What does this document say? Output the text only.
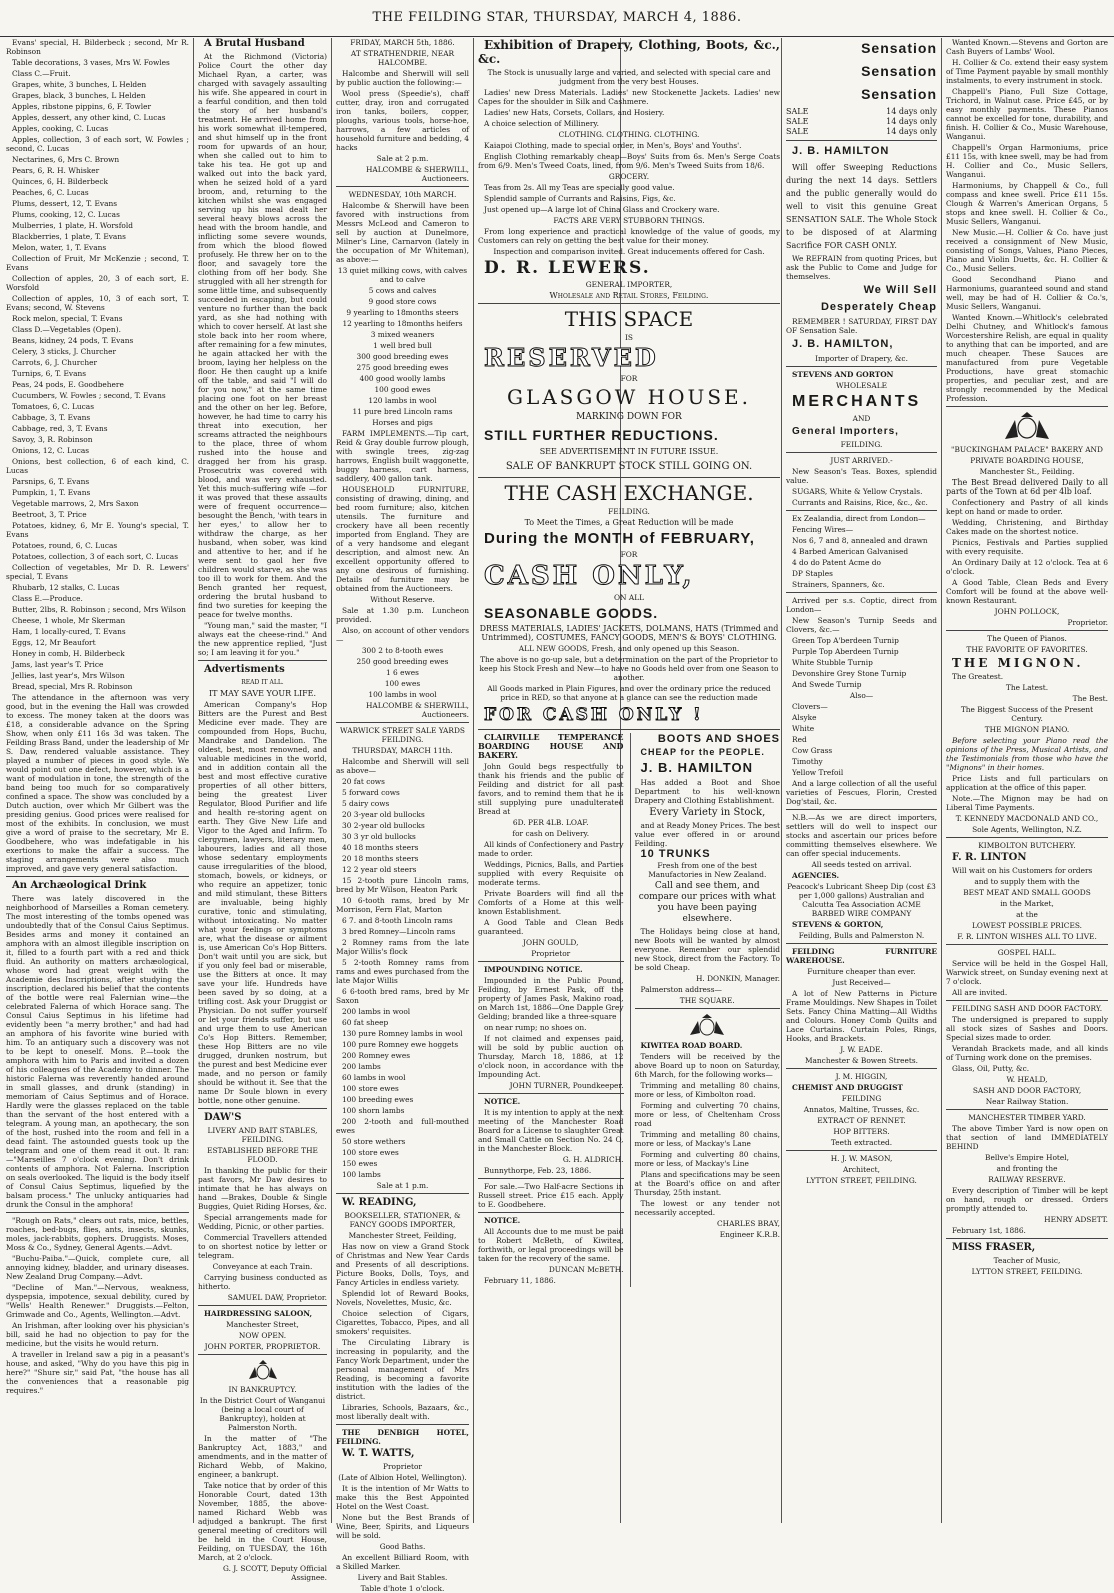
THE FEILDING STAR, THURSDAY, MARCH 4, 1886.

Evans' special, H. Bilderbeck ; second, Mr R. Robinson

Table decorations, 3 vases, Mrs W. Fowles

Class C.—Fruit.

Grapes, white, 3 bunches, L Helden

Grapes, black, 3 bunches, L Helden

Apples, ribstone pippins, 6, F. Towler

Apples, dessert, any other kind, C. Lucas

Apples, cooking, C. Lucas

Apples, collection, 3 of each sort, W. Fowles ; second, C. Lucas

Nectarines, 6, Mrs C. Brown

Pears, 6, R. H. Whisker

Quinces, 6, H. Bilderbeck

Peaches, 6, C. Lucas

Plums, dessert, 12, T. Evans

Plums, cooking, 12, C. Lucas

Mulberries, 1 plate, H. Worsfold

Blackberries, 1 plate, T. Evans

Melon, water, 1, T. Evans

Collection of Fruit, Mr McKenzie ; second, T. Evans

Collection of apples, 20, 3 of each sort, E. Worsfold

Collection of apples, 10, 3 of each sort, T. Evans; second, W. Stevens

Rock melon, special, T. Evans

Class D.—Vegetables (Open).

Beans, kidney, 24 pods, T. Evans

Celery, 3 sticks, J. Churcher

Carrots, 6, J. Churcher

Turnips, 6, T. Evans

Peas, 24 pods, E. Goodbehere

Cucumbers, W. Fowles ; second, T. Evans

Tomatoes, 6, C. Lucas

Cabbage, 3, T. Evans

Cabbage, red, 3, T. Evans

Savoy, 3, R. Robinson

Onions, 12, C. Lucas

Onions, best collection, 6 of each kind, C. Lucas

Parsnips, 6, T. Evans

Pumpkin, 1, T. Evans

Vegetable marrows, 2, Mrs Saxon

Beetroot, 3, T. Price

Potatoes, kidney, 6, Mr E. Young's special, T. Evans

Potatoes, round, 6, C. Lucas

Potatoes, collection, 3 of each sort, C. Lucas

Collection of vegetables, Mr D. R. Lewers' special, T. Evans

Rhubarb, 12 stalks, C. Lucas

Class E.—Produce.

Butter, 2lbs, R. Robinson ; second, Mrs Wilson

Cheese, 1 whole, Mr Skerman

Ham, 1 locally-cured, T. Evans

Eggs, 12, Mr Beaufort

Honey in comb, H. Bilderbeck

Jams, last year's T. Price

Jellies, last year's, Mrs Wilson

Bread, special, Mrs R. Robinson

The attendance in the afternoon was very good, but in the evening the Hall was crowded to excess. The money taken at the doors was £18, a considerable advance on the Spring Show, when only £11 16s 3d was taken. The Feilding Brass Band, under the leadership of Mr S. Daw, rendered valuable assistance. They played a number of pieces in good style. We would point out one defect, however, which is a want of modulation in tone, the strength of the band being too much for so comparatively confined a space. The show was concluded by a Dutch auction, over which Mr Gilbert was the presiding genius. Good prices were realised for most of the exhibits. In conclusion, we must give a word of praise to the secretary, Mr E. Goodbehere, who was indefatigable in his exertions to make the affair a success. The staging arrangements were also much improved, and gave very general satisfaction.

An Archæological Drink

There was lately discovered in the neighborhood of Marseilles a Roman cemetery. The most interesting of the tombs opened was undoubtedly that of the Consul Caius Septimus. Besides arms and money it contained an amphora with an almost illegible inscription on it, filled to a fourth part with a red and thick fluid. An authority on matters archæological, whose word had great weight with the Academie des Inscriptions, after studying the inscription, declared his belief that the contents of the bottle were real Falernian wine—the celebrated Falerna of which Horace sang. The Consul Caius Septimus in his lifetime had evidently been "a merry brother," and had had an amphora of his favorite wine buried with him. To an antiquary such a discovery was not to be kept to oneself. Mons. P.—took the amphora with him to Paris and invited a dozen of his colleagues of the Academy to dinner. The historic Falerna was reverently handed around in small glasses, and drunk (standing) in memoriam of Caius Septimus and of Horace. Hardly were the glasses replaced on the table than the servant of the host entered with a telegram. A young man, an apothecary, the son of the host, rushed into the room and fell in a dead faint. The astounded guests took up the telegram and one of them read it out. It ran:—"Marseilles 7 o'clock evening. Don't drink contents of amphora. Not Falerna. Inscription on seals overlooked. The liquid is the body itself of Consul Caius Septimus, liquefied by the balsam process." The unlucky antiquaries had drunk the Consul in the amphora!

"Rough on Rats," clears out rats, mice, bettles, roaches, bed-bugs, flies, ants, insects, skunks, moles, jack-rabbits, gophers. Druggists. Moses, Moss & Co., Sydney, General Agents.—Advt.

"Buchu-Paiba."—Quick, complete cure, all annoying kidney, bladder, and urinary diseases. New Zealand Drug Company.—Advt.

"Decline of Man."—Nervous, weakness, dyspepsia, impotence, sexual debility, cured by "Wells' Health Renewer." Druggists.—Felton, Grimwade and Co., Agents, Wellington.—Advt.

An Irishman, after looking over his physician's bill, said he had no objection to pay for the medicine, but the visits he would return.

A traveller in Ireland saw a pig in a peasant's house, and asked, "Why do you have this pig in here?" "Shure sir," said Pat, "the house has all the conveniences that a reasonable pig requires."

A Brutal Husband

At the Richmond (Victoria) Police Court the other day Michael Ryan, a carter, was charged with savagely assaulting his wife. She appeared in court in a fearful condition, and then told the story of her husband's treatment. He arrived home from his work somewhat ill-tempered, and shut himself up in the front room for upwards of an hour, when she called out to him to take his tea. He got up and walked out into the back yard, when he seized hold of a yard broom, and, returning to the kitchen whilst she was engaged serving up his meal dealt her several heavy blows across the head with the broom handle, and inflicting some severe wounds, from which the blood flowed profusely. He threw her on to the floor, and savagely tore the clothing from off her body. She struggled with all her strength for some little time, and subsequently succeeded in escaping, but could venture no further than the back yard, as she had nothing with which to cover herself. At last she stole back into her room where, after remaining for a few minutes, he again attacked her with the broom, laying her helpless on the floor. He then caught up a knife off the table, and said "I will do for you now," at the same time placing one foot on her breast and the other on her leg. Before, however, he had time to carry his threat into execution, her screams attracted the neighbours to the place, three of whom rushed into the house and dragged her from his grasp. Prosecutrix was covered with blood, and was very exhausted. Yet this much-suffering wife —for it was proved that these assaults were of frequent occurrence—besought the Bench, 'with tears in her eyes,' to allow her to withdraw the charge, as her husband, when sober, was kind and attentive to her, and if he were sent to gaol her five children would starve, as she was too ill to work for them. And the Bench granted her request, ordering the brutal husband to find two sureties for keeping the peace for twelve months.

"Young man," said the master, "I always eat the cheese-rind." And the new apprentice replied, "Just so; I am leaving it for you."

Advertisments

READ IT ALL.

IT MAY SAVE YOUR LIFE.

American Company's Hop Bitters are the Purest and Best Medicine ever made. They are compounded from Hops, Buchu, Mandrake and Dandelion. The oldest, best, most renowned, and valuable medicines in the world, and in addition contain all the best and most effective curative properties of all other bitters, being the greatest Liver Regulator, Blood Purifier and life and health re-storing agent on earth. They Give New Life and Vigor to the Aged and Infirm. To clergymen, lawyers, literary men, labourers, ladies and all those whose sedentary employments cause irregularities of the blood, stomach, bowels, or kidneys, or who require an appetizer, tonic and mild stimulant, these Bitters are invaluable, being highly curative, tonic and stimulating, without intoxicating. No matter what your feelings or symptoms are, what the disease or ailment is, use American Co's Hop Bitters. Don't wait until you are sick, but if you only feel bad or miserable, use the Bitters at once. It may save your life. Hundreds have been saved by so doing, at a trifling cost. Ask your Druggist or Physician. Do not suffer yourself or let your friends suffer, but use and urge them to use American Co's Hop Bitters. Remember, these Hop Bitters are no vile drugged, drunken nostrum, but the purest and best Medicine ever made, and no person or family should be without it. See that the name Dr Soule blown in every bottle, none other genuine.

DAW'S

LIVERY AND BAIT STABLES, FEILDING.

ESTABLISHED BEFORE THE FLOOD.

In thanking the public for their past favors, Mr Daw desires to intimate that he has always on hand —Brakes, Double & Single Buggies, Quiet Riding Horses, &c.

Special arrangements made for Wedding, Picnic, or other parties.

Commercial Travellers attended to on shortest notice by letter or telegram.

Conveyance at each Train.

Carrying business conducted as hitherto.

SAMUEL DAW, Proprietor.

HAIRDRESSING SALOON,

Manchester Street,

NOW OPEN.

JOHN PORTER, PROPRIETOR.

IN BANKRUPTCY.

In the District Court of Wanganui (being a local court of Bankruptcy), holden at Palmerston North.

In the matter of "The Bankruptcy Act, 1883," and amendments, and in the matter of Richard Webb, of Makino, engineer, a bankrupt.

Take notice that by order of this Honorable Court, dated 13th November, 1885, the above-named Richard Webb was adjudged a bankrupt. The first general meeting of creditors will be held in the Court House, Feilding, on TUESDAY, the 16th March, at 2 o'clock.

G. J. SCOTT, Deputy Official Assignee.

FRIDAY, MARCH 5th, 1886.

AT STRATHENDRIE, NEAR HALCOMBE.

Halcombe and Sherwill will sell by public auction the following:—

Wool press (Speedie's), chaff cutter, dray, iron and corrugated iron tanks, boilers, copper, ploughs, various tools, horse-hoe, harrows, a few articles of household furniture and bedding, 4 hacks

Sale at 2 p.m.

HALCOMBE & SHERWILL, Auctioneers.

WEDNESDAY, 10th MARCH.

Halcombe & Sherwill have been favored with instructions from Messrs McLeod and Cameron to sell by auction at Dunelmore, Milner's Line, Carnarvon (lately in the occupation of Mr Whiteman), as above:—

13 quiet milking cows, with calves and to calve

5 cows and calves

9 good store cows

9 yearling to 18months steers

12 yearling to 18months heifers

3 mixed weaners

1 well bred bull

300 good breeding ewes

275 good breeding ewes

400 good woolly lambs

100 good ewes

120 lambs in wool

11 pure bred Lincoln rams

Horses and pigs

FARM IMPLEMENTS.—Tip cart, Reid & Gray double furrow plough, with swingle trees, zig-zag harrows, English built waggonette, buggy harness, cart harness, saddlery, 400 gallon tank.

HOUSEHOLD FURNITURE, consisting of drawing, dining, and bed room furniture; also, kitchen utensils. The furniture and crockery have all been recently imported from England. They are of a very handsome and elegant description, and almost new. An excellent opportunity offered to any one desirous of furnishing. Details of furniture may be obtained from the Auctioneers.

Without Reserve.

Sale at 1.30 p.m. Luncheon provided.

Also, on account of other vendors—

300 2 to 8-tooth ewes

250 good breeding ewes

1 6 ewes

100 ewes

100 lambs in wool

HALCOMBE & SHERWILL, Auctioneers.

WARWICK STREET SALE YARDS FEILDING.

THURSDAY, MARCH 11th.

Halcombe and Sherwill will sell as above—

20 fat cows

5 forward cows

5 dairy cows

20 3-year old bullocks

30 2-year old bullocks

30 3 yr old bullocks

40 18 months steers

20 18 months steers

12 2 year old steers

15 2-tooth pure Lincoln rams, bred by Mr Wilson, Heaton Park

10 6-tooth rams, bred by Mr Morrison, Fern Flat, Marton

6 7. and 8-tooth Lincoln rams

3 bred Romney—Lincoln rams

2 Romney rams from the late Major Willis's flock

5 2-tooth Romney rams from rams and ewes purchased from the late Major Willis

6 6-tooth bred rams, bred by Mr Saxon

200 lambs in wool

60 fat sheep

130 pure Romney lambs in wool

100 pure Romney ewe hoggets

200 Romney ewes

200 lambs

60 lambs in wool

100 store ewes

100 breeding ewes

100 shorn lambs

200 2-tooth and full-mouthed ewes

50 store wethers

100 store ewes

150 ewes

100 lambs

Sale at 1 p.m.

W. READING,

BOOKSELLER, STATIONER, & FANCY GOODS IMPORTER,

Manchester Street, Feilding,

Has now on view a Grand Stock of Christmas and New Year Cards and Presents of all descriptions. Picture Books, Dolls, Toys, and Fancy Articles in endless variety.

Splendid lot of Reward Books, Novels, Novelettes, Music, &c.

Choice selection of Cigars, Cigarettes, Tobacco, Pipes, and all smokers' requisites.

The Circulating Library is increasing in popularity, and the Fancy Work Department, under the personal management of Mrs Reading, is becoming a favorite institution with the ladies of the district.

Libraries, Schools, Bazaars, &c., most liberally dealt with.

THE DENBIGH HOTEL, FEILDING.

W. T. WATTS,

Proprietor

(Late of Albion Hotel, Wellington).

It is the intention of Mr Watts to make this the Best Appointed Hotel on the West Coast.

None but the Best Brands of Wine, Beer, Spirits, and Liqueurs will be sold.

Good Baths.

An excellent Billiard Room, with a Skilled Marker.

Livery and Bait Stables.

Table d'hote 1 o'clock.

Exhibition of Drapery, Clothing, Boots, &c., &c.

The Stock is unusually large and varied, and selected with special care and judgment from the very best Houses.

Ladies' new Dress Materials. Ladies' new Stockenette Jackets. Ladies' new Capes for the shoulder in Silk and Cashmere.

Ladies' new Hats, Corsets, Collars, and Hosiery.

A choice selection of Millinery.

CLOTHING. CLOTHING. CLOTHING.

Kaiapoi Clothing, made to special order, in Men's, Boys' and Youths'.

English Clothing remarkably cheap—Boys' Suits from 6s. Men's Serge Coats from 6/9. Men's Tweed Coats, lined, from 9/6. Men's Tweed Suits from 18/6.

GROCERY.

Teas from 2s. All my Teas are specially good value.

Splendid sample of Currants and Raisins, Figs, &c.

Just opened up—A large lot of China Glass and Crockery ware.

FACTS ARE VERY STUBBORN THINGS.

From long experience and practical knowledge of the value of goods, my Customers can rely on getting the best value for their money.

Inspection and comparison invited. Great inducements offered for Cash.

D. R. LEWERS.

GENERAL IMPORTER,

Wholesale and Retail Stores, Feilding.

THIS SPACE

IS

RESERVED

FOR

GLASGOW HOUSE.

MARKING DOWN FOR

STILL FURTHER REDUCTIONS.

SEE ADVERTISEMENT IN FUTURE ISSUE.

SALE OF BANKRUPT STOCK STILL GOING ON.

THE CASH EXCHANGE.

FEILDING.

To Meet the Times, a Great Reduction will be made

During the MONTH of FEBRUARY,

FOR

CASH ONLY,

ON ALL

SEASONABLE GOODS.

DRESS MATERIALS, LADIES' JACKETS, DOLMANS, HATS (Trimmed and Untrimmed), COSTUMES, FANCY GOODS, MEN'S & BOYS' CLOTHING.

ALL NEW GOODS, Fresh, and only opened up this Season.

The above is no go-up sale, but a determination on the part of the Proprietor to keep his Stock Fresh and New—to have no Goods held over from one Season to another.

All Goods marked in Plain Figures, and over the ordinary price the reduced price in RED, so that anyone at a glance can see the reduction made

FOR CASH ONLY !

CLAIRVILLE TEMPERANCE BOARDING HOUSE AND BAKERY.

John Gould begs respectfully to thank his friends and the public of Feilding and district for all past favors, and to remind them that he is still supplying pure unadulterated Bread at

6D. PER 4LB. LOAF.

for cash on Delivery.

All kinds of Confectionery and Pastry made to order.

Weddings, Picnics, Balls, and Parties supplied with every Requisite on moderate terms.

Private Boarders will find all the Comforts of a Home at this well-known Establishment.

A Good Table and Clean Beds guaranteed.

JOHN GOULD,

Proprietor

IMPOUNDING NOTICE.

Impounded in the Public Pound, Feilding, by Ernest Pask, off the property of James Pask, Makino road, on March 1st, 1886—One Dapple Grey Gelding; branded like a three-square

on near rump; no shoes on.

If not claimed and expenses paid, will be sold by public auction on Thursday, March 18, 1886, at 12 o'clock noon, in accordance with the Impounding Act.

JOHN TURNER, Poundkeeper.

NOTICE.

It is my intention to apply at the next meeting of the Manchester Road Board for a License to slaughter Great and Small Cattle on Section No. 24 O, in the Manchester Block.

G. H. ALDRICH.

Bunnythorpe, Feb. 23, 1886.

For sale.—Two Half-acre Sections in Russell street. Price £15 each. Apply to E. Goodbehere.

NOTICE.

All Accounts due to me must be paid to Robert McBeth, of Kiwitea, forthwith, or legal proceedings will be taken for the recovery of the same.

DUNCAN McBETH.

February 11, 1886.

BOOTS AND SHOES

CHEAP for the PEOPLE.

J. B. HAMILTON

Has added a Boot and Shoe Department to his well-known Drapery and Clothing Establishment.

Every Variety in Stock,

and at Ready Money Prices. The best value ever offered in or around Feilding.

10 TRUNKS

Fresh from one of the best Manufactories in New Zealand.

Call and see them, and compare our prices with what you have been paying elsewhere.

The Holidays being close at hand, new Boots will be wanted by almost everyone. Remember our splendid new Stock, direct from the Factory. To be sold Cheap.

H. DONKIN, Manager.

Palmerston address—

THE SQUARE.

KIWITEA ROAD BOARD.

Tenders will be received by the above Board up to noon on Saturday, 6th March, for the following works—

Trimming and metalling 80 chains, more or less, of Kimbolton road.

Forming and culverting 70 chains, more or less, of Cheltenham Cross road

Trimming and metalling 80 chains, more or less, of Mackay's Lane

Forming and culverting 80 chains, more or less, of Mackay's Line

Plans and specifications may be seen at the Board's office on and after Thursday, 25th instant.

The lowest or any tender not necessarily accepted.

CHARLES BRAY,

Engineer K.R.B.

Sensation

Sensation

Sensation

SALE	14 days only
SALE	14 days only
SALE	14 days only

J. B. HAMILTON

Will offer Sweeping Reductions during the next 14 days. Settlers and the public generally would do well to visit this genuine Great SENSATION SALE. The Whole Stock to be disposed of at Alarming Sacrifice FOR CASH ONLY.

We REFRAIN from quoting Prices, but ask the Public to Come and Judge for themselves.

We Will Sell

Desperately Cheap

REMEMBER ! SATURDAY, FIRST DAY OF Sensation Sale.

J. B. HAMILTON,

Importer of Drapery, &c.

STEVENS AND GORTON

WHOLESALE

MERCHANTS

AND

General Importers,

FEILDING.

JUST ARRIVED.-

New Season's Teas. Boxes, splendid value.

SUGARS, White & Yellow Crystals.

Currants and Raisins, Rice, &c., &c.

Ex Zealandia, direct from London—

Fencing Wires—

Nos 6, 7 and 8, annealed and drawn

4 Barbed American Galvanised

4 do do Patent Acme do

DP Staples

Strainers, Spanners, &c.

Arrived per s.s. Coptic, direct from London—

New Season's Turnip Seeds and Clovers, &c.—

Green Top A'berdeen Turnip

Purple Top Aberdeen Turnip

White Stubble Turnip

Devonshire Grey Stone Turnip

And Swede Turnip

Also—

Clovers—

Alsyke

White

Red

Cow Grass

Timothy

Yellow Trefoil

And a large collection of all the useful varieties of Fescues, Florin, Crested Dog'stail, &c.

N.B.—As we are direct importers, settlers will do well to inspect our stocks and ascertain our prices before committing themselves elsewhere. We can offer special inducements.

All seeds tested on arrival.

AGENCIES.

Peacock's Lubricant Sheep Dip (cost £3 per 1,000 gallons) Australian and Calcutta Tea Association ACME BARBED WIRE COMPANY

STEVENS & GORTON,

Feilding, Bulls and Palmerston N.

FEILDING FURNITURE WAREHOUSE.

Furniture cheaper than ever.

Just Received—

A lot of New Patterns in Picture Frame Mouldings. New Shapes in Toilet Sets. Fancy China Matting—All Widths and Colours. Honey Comb Quilts and Lace Curtains. Curtain Poles, Rings, Hooks, and Brackets.

J. W. EADE.

Manchester & Bowen Streets.

J. M. HIGGIN,

CHEMIST AND DRUGGIST

FEILDING

Annatos, Maltine, Trusses, &c.

EXTRACT OF RENNET.

HOP BITTERS.

Teeth extracted.

H. J. W. MASON,

Architect,

LYTTON STREET, FEILDING.

Wanted Known.—Stevens and Gorton are Cash Buyers of Lambs' Wool.

H. Collier & Co. extend their easy system of Time Payment payable by small monthly instalments, to every instrument in stock.

Chappell's Piano, Full Size Cottage, Trichord, in Walnut case. Price £45, or by easy monthly payments. These Pianos cannot be excelled for tone, durability, and finish. H. Collier & Co., Music Warehouse, Wanganui.

Chappell's Organ Harmoniums, price £11 15s, with knee swell, may be had from H. Collier and Co., Music Sellers, Wanganui.

Harmoniums, by Chappell & Co., full compass and knee swell. Price £11 15s. Clough & Warren's American Organs, 5 stops and knee swell. H. Collier & Co., Music Sellers, Wanganui.

New Music.—H. Collier & Co. have just received a consignment of New Music, consisting of Songs, Values, Piano Pieces, Piano and Violin Duetts, &c. H. Collier & Co., Music Sellers.

Good Secondhand Piano and Harmoniums, guaranteed sound and stand well, may be had of H. Collier & Co.'s, Music Sellers, Wanganui.

Wanted Known.—Whitlock's celebrated Delhi Chutney, and Whitlock's famous Worcestershire Relish, are equal in quality to anything that can be imported, and are much cheaper. These Sauces are manufactured from pure Vegetable Productions, have great stomachic properties, and peculiar zest, and are strongly recommended by the Medical Profession.

"BUCKINGHAM PALACE" BAKERY AND

PRIVATE BOARDING HOUSE,

Manchester St., Feilding.

The Best Bread delivered Daily to all parts of the Town at 6d per 4lb loaf.

Confectionery and Pastry of all kinds kept on hand or made to order.

Wedding, Christening, and Birthday Cakes made on the shortest notice.

Picnics, Festivals and Parties supplied with every requisite.

An Ordinary Daily at 12 o'clock. Tea at 6 o'clock.

A Good Table, Clean Beds and Every Comfort will be found at the above well-known Restaurant.

JOHN POLLOCK,

Proprietor.

The Queen of Pianos.

THE FAVORITE OF FAVORITES.

THE MIGNON.

The Greatest.

The Latest.

The Best.

The Biggest Success of the Present Century.

THE MIGNON PIANO.

Before selecting your Piano read the opinions of the Press, Musical Artists, and the Testimonials from those who have the "Mignons" in their homes.

Price Lists and full particulars on application at the office of this paper.

Note.—The Mignon may be had on Liberal Time Payments.

T. KENNEDY MACDONALD AND CO.,

Sole Agents, Wellington, N.Z.

KIMBOLTON BUTCHERY.

F. R. LINTON

Will wait on his Customers for orders

and to supply them with the

BEST MEAT AND SMALL GOODS

in the Market,

at the

LOWEST POSSIBLE PRICES.

F. R. LINTON WISHES ALL TO LIVE.

GOSPEL HALL.

Service will be held in the Gospel Hall, Warwick street, on Sunday evening next at 7 o'clock.

All are invited.

FEILDING SASH AND DOOR FACTORY.

The undersigned is prepared to supply all stock sizes of Sashes and Doors. Special sizes made to order.

Verandah Brackets made, and all kinds of Turning work done on the premises.

Glass, Oil, Putty, &c.

W. HEALD,

SASH AND DOOR FACTORY,

Near Railway Station.

MANCHESTER TIMBER YARD.

The above Timber Yard is now open on that section of land IMMEDIATELY BEHIND

Bellve's Empire Hotel,

and fronting the

RAILWAY RESERVE.

Every description of Timber will be kept on hand, rough or dressed. Orders promptly attended to.

HENRY ADSETT.

February 1st, 1886.

MISS FRASER,

Teacher of Music,

LYTTON STREET, FEILDING.
